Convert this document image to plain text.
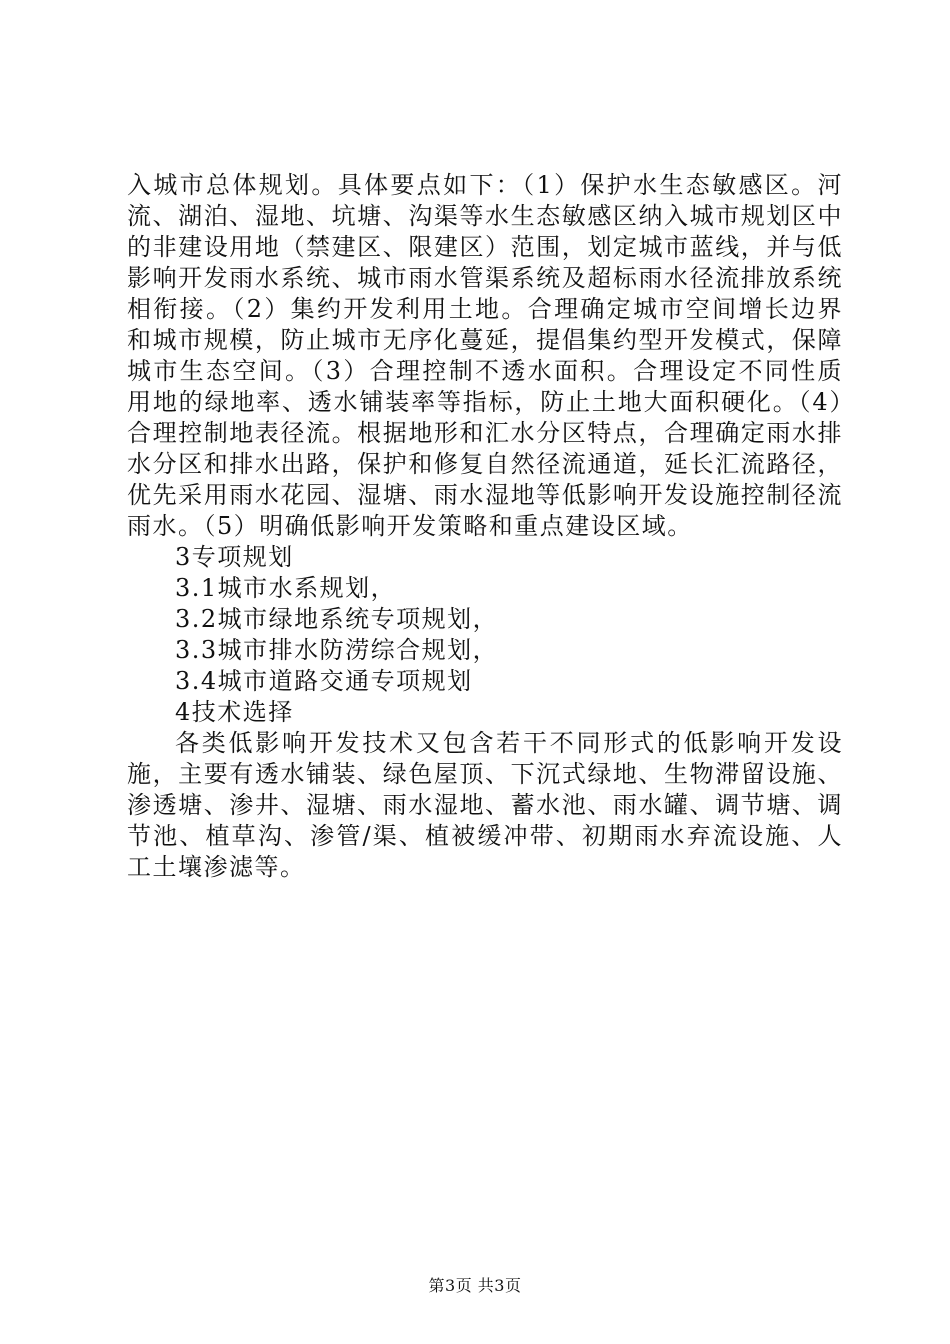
入城市总体规划。具体要点如下：（1）保护水生态敏感区。河流、湖泊、湿地、坑塘、沟渠等水生态敏感区纳入城市规划区中的非建设用地（禁建区、限建区）范围，划定城市蓝线，并与低影响开发雨水系统、城市雨水管渠系统及超标雨水径流排放系统相衔接。（2）集约开发利用土地。合理确定城市空间增长边界和城市规模，防止城市无序化蔓延，提倡集约型开发模式，保障城市生态空间。（3）合理控制不透水面积。合理设定不同性质用地的绿地率、透水铺装率等指标，防止土地大面积硬化。（4）合理控制地表径流。根据地形和汇水分区特点，合理确定雨水排水分区和排水出路，保护和修复自然径流通道，延长汇流路径，优先采用雨水花园、湿塘、雨水湿地等低影响开发设施控制径流雨水。（5）明确低影响开发策略和重点建设区域。

3专项规划

3.1城市水系规划，

3.2城市绿地系统专项规划，

3.3城市排水防涝综合规划，

3.4城市道路交通专项规划

4技术选择

各类低影响开发技术又包含若干不同形式的低影响开发设施，主要有透水铺装、绿色屋顶、下沉式绿地、生物滞留设施、渗透塘、渗井、湿塘、雨水湿地、蓄水池、雨水罐、调节塘、调节池、植草沟、渗管/渠、植被缓冲带、初期雨水弃流设施、人工土壤渗滤等。

第3页 共3页
